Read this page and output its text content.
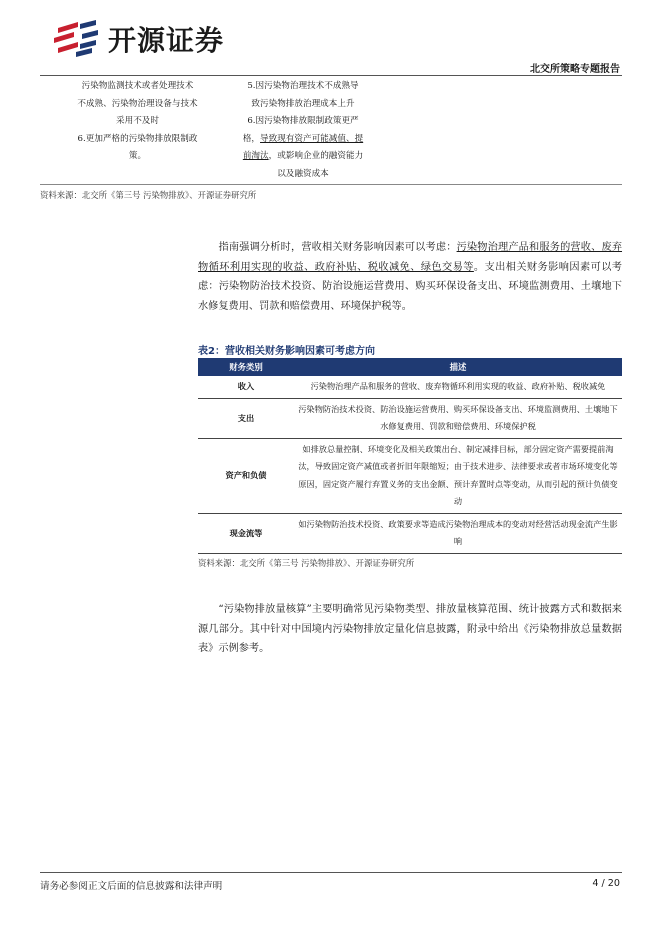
开源证券
北交所策略专题报告
污染物监测技术或者处理技术	5.因污染物治理技术不成熟导
不成熟、污染物治理设备与技术	致污染物排放治理成本上升
采用不及时	6.因污染物排放限制政策更严
6.更加严格的污染物排放限制政	格，导致现有资产可能减值、提
策。	前淘汰，或影响企业的融资能力
以及融资成本
资料来源：北交所《第三号 污染物排放》、开源证券研究所
  指南强调分析时，营收相关财务影响因素可以考虑：污染物治理产品和服务的营收、废弃物循环利用实现的收益、政府补贴、税收减免、绿色交易等。支出相关财务影响因素可以考虑：污染物防治技术投资、防治设施运营费用、购买环保设备支出、环境监测费用、土壤地下水修复费用、罚款和赔偿费用、环境保护税等。
表2：营收相关财务影响因素可考虑方向
财务类别	描述
收入	污染物治理产品和服务的营收、废弃物循环利用实现的收益、政府补贴、税收减免
支出	污染物防治技术投资、防治设施运营费用、购买环保设备支出、环境监测费用、土壤地下水修复费用、罚款和赔偿费用、环境保护税
资产和负债	如排放总量控制、环境变化及相关政策出台、制定减排目标，部分固定资产需要提前淘汰，导致固定资产减值或者折旧年限缩短；由于技术进步、法律要求或者市场环境变化等原因，固定资产履行弃置义务的支出金额、预计弃置时点等变动，从而引起的预计负债变动
现金流等	如污染物防治技术投资、政策要求等造成污染物治理成本的变动对经营活动现金流产生影响
资料来源：北交所《第三号 污染物排放》、开源证券研究所
  “污染物排放量核算”主要明确常见污染物类型、排放量核算范围、统计披露方式和数据来源几部分。其中针对中国境内污染物排放定量化信息披露，附录中给出《污染物排放总量数据表》示例参考。
请务必参阅正文后面的信息披露和法律声明	4 / 20
